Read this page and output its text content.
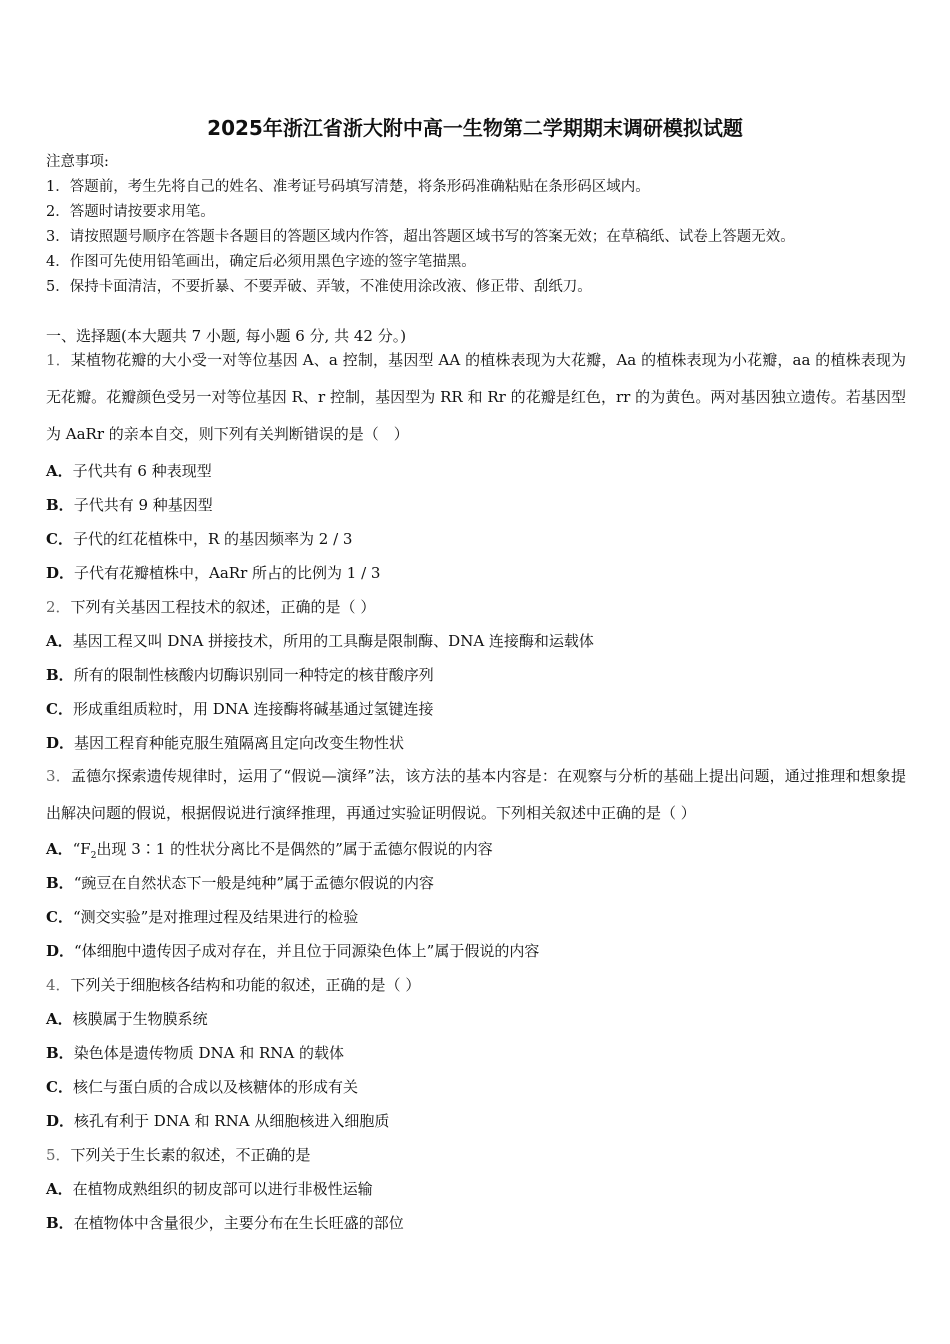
2025年浙江省浙大附中高一生物第二学期期末调研模拟试题
注意事项:
1．答题前，考生先将自己的姓名、准考证号码填写清楚，将条形码准确粘贴在条形码区域内。
2．答题时请按要求用笔。
3．请按照题号顺序在答题卡各题目的答题区域内作答，超出答题区域书写的答案无效；在草稿纸、试卷上答题无效。
4．作图可先使用铅笔画出，确定后必须用黑色字迹的签字笔描黑。
5．保持卡面清洁，不要折暴、不要弄破、弄皱，不准使用涂改液、修正带、刮纸刀。
一、选择题(本大题共 7 小题, 每小题 6 分, 共 42 分。)
1．某植物花瓣的大小受一对等位基因 A、a 控制，基因型 AA 的植株表现为大花瓣，Aa 的植株表现为小花瓣，aa 的植株表现为无花瓣。花瓣颜色受另一对等位基因 R、r 控制，基因型为 RR 和 Rr 的花瓣是红色，rr 的为黄色。两对基因独立遗传。若基因型为 AaRr 的亲本自交，则下列有关判断错误的是（　）
A．子代共有 6 种表现型
B．子代共有 9 种基因型
C．子代的红花植株中，R 的基因频率为 2 / 3
D．子代有花瓣植株中，AaRr 所占的比例为 1 / 3
2．下列有关基因工程技术的叙述，正确的是（ ）
A．基因工程又叫 DNA 拼接技术，所用的工具酶是限制酶、DNA 连接酶和运载体
B．所有的限制性核酸内切酶识别同一种特定的核苷酸序列
C．形成重组质粒时，用 DNA 连接酶将碱基通过氢键连接
D．基因工程育种能克服生殖隔离且定向改变生物性状
3．孟德尔探索遗传规律时，运用了“假说—演绎”法，该方法的基本内容是：在观察与分析的基础上提出问题，通过推理和想象提出解决问题的假说，根据假说进行演绎推理，再通过实验证明假说。下列相关叙述中正确的是（ ）
A．“$F_2$出现 3∶1 的性状分离比不是偶然的”属于孟德尔假说的内容
B．“豌豆在自然状态下一般是纯种”属于孟德尔假说的内容
C．“测交实验”是对推理过程及结果进行的检验
D．“体细胞中遗传因子成对存在，并且位于同源染色体上”属于假说的内容
4．下列关于细胞核各结构和功能的叙述，正确的是（ ）
A．核膜属于生物膜系统
B．染色体是遗传物质 DNA 和 RNA 的载体
C．核仁与蛋白质的合成以及核糖体的形成有关
D．核孔有利于 DNA 和 RNA 从细胞核进入细胞质
5．下列关于生长素的叙述，不正确的是
A．在植物成熟组织的韧皮部可以进行非极性运输
B．在植物体中含量很少，主要分布在生长旺盛的部位
